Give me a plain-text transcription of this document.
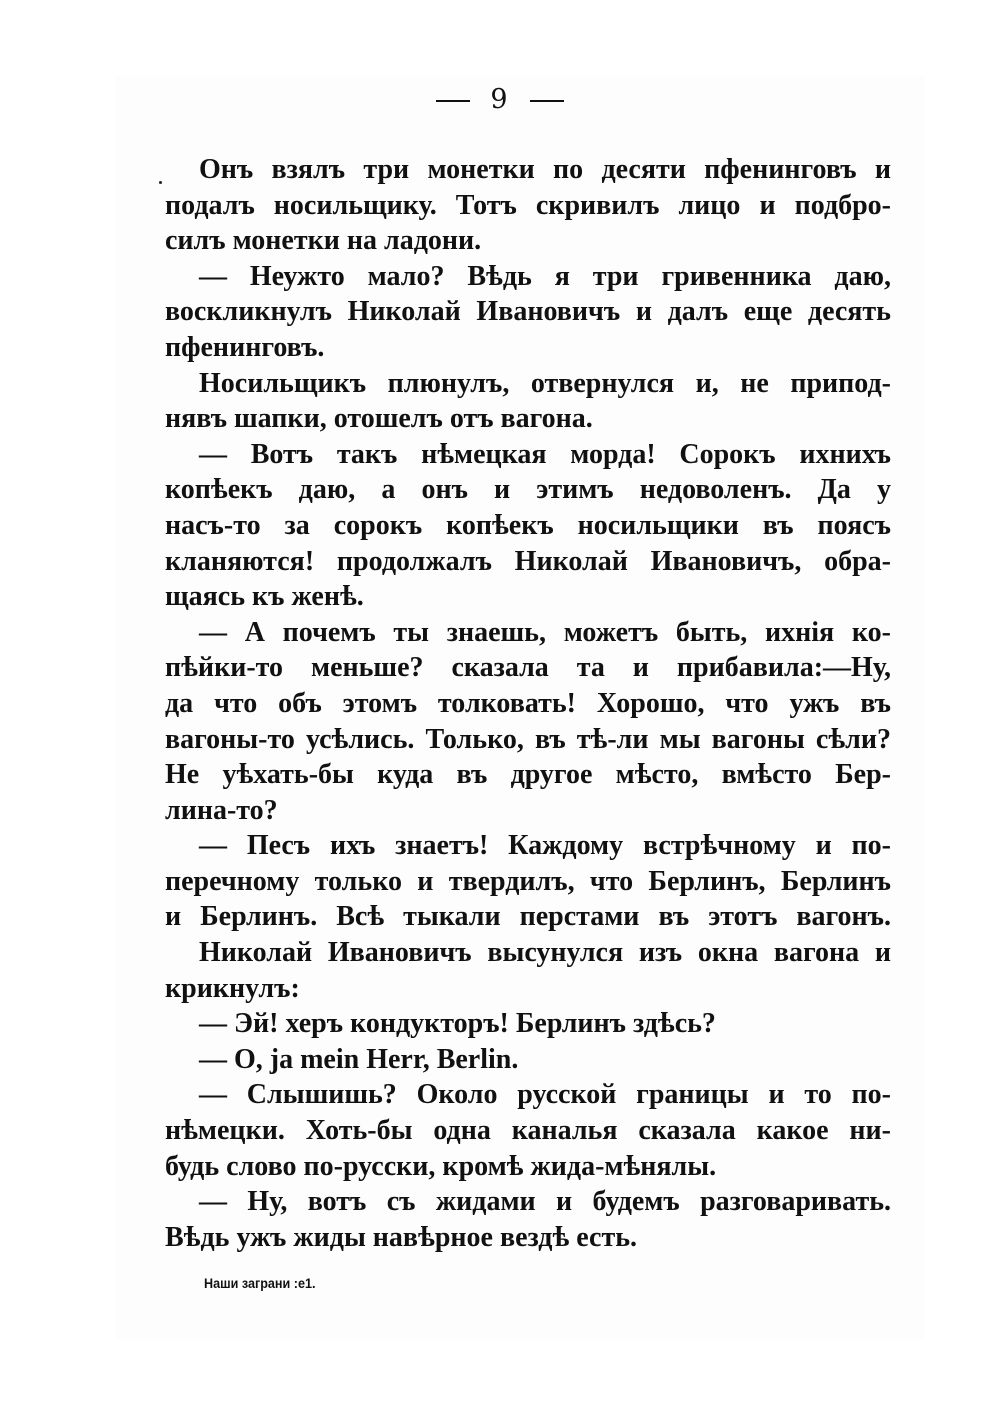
9
Онъ взялъ три монетки по десяти пфенинговъ и
подалъ носильщику. Тотъ скривилъ лицо и подбро-
силъ монетки на ладони.
— Неужто мало? Вѣдь я три гривенника даю,
воскликнулъ Николай Ивановичъ и далъ еще десять
пфенинговъ.
Носильщикъ плюнулъ, отвернулся и, не припод-
нявъ шапки, отошелъ отъ вагона.
— Вотъ такъ нѣмецкая морда! Сорокъ ихнихъ
копѣекъ даю, а онъ и этимъ недоволенъ. Да у
насъ-то за сорокъ копѣекъ носильщики въ поясъ
кланяются! продолжалъ Николай Ивановичъ, обра-
щаясь къ женѣ.
— А почемъ ты знаешь, можетъ быть, ихнія ко-
пѣйки-то меньше? сказала та и прибавила:—Ну,
да что объ этомъ толковать! Хорошо, что ужъ въ
вагоны-то усѣлись. Только, въ тѣ-ли мы вагоны сѣли?
Не уѣхать-бы куда въ другое мѣсто, вмѣсто Бер-
лина-то?
— Песъ ихъ знаетъ! Каждому встрѣчному и по-
перечному только и твердилъ, что Берлинъ, Берлинъ
и Берлинъ. Всѣ тыкали перстами въ этотъ вагонъ.
Николай Ивановичъ высунулся изъ окна вагона и
крикнулъ:
— Эй! херъ кондукторъ! Берлинъ здѣсь?
— O, ja mein Herr, Berlin.
— Слышишь? Около русской границы и то по-
нѣмецки. Хоть-бы одна каналья сказала какое ни-
будь слово по-русски, кромѣ жида-мѣнялы.
— Ну, вотъ съ жидами и будемъ разговаривать.
Вѣдь ужъ жиды навѣрное вездѣ есть.
Наши заграни :е1.
